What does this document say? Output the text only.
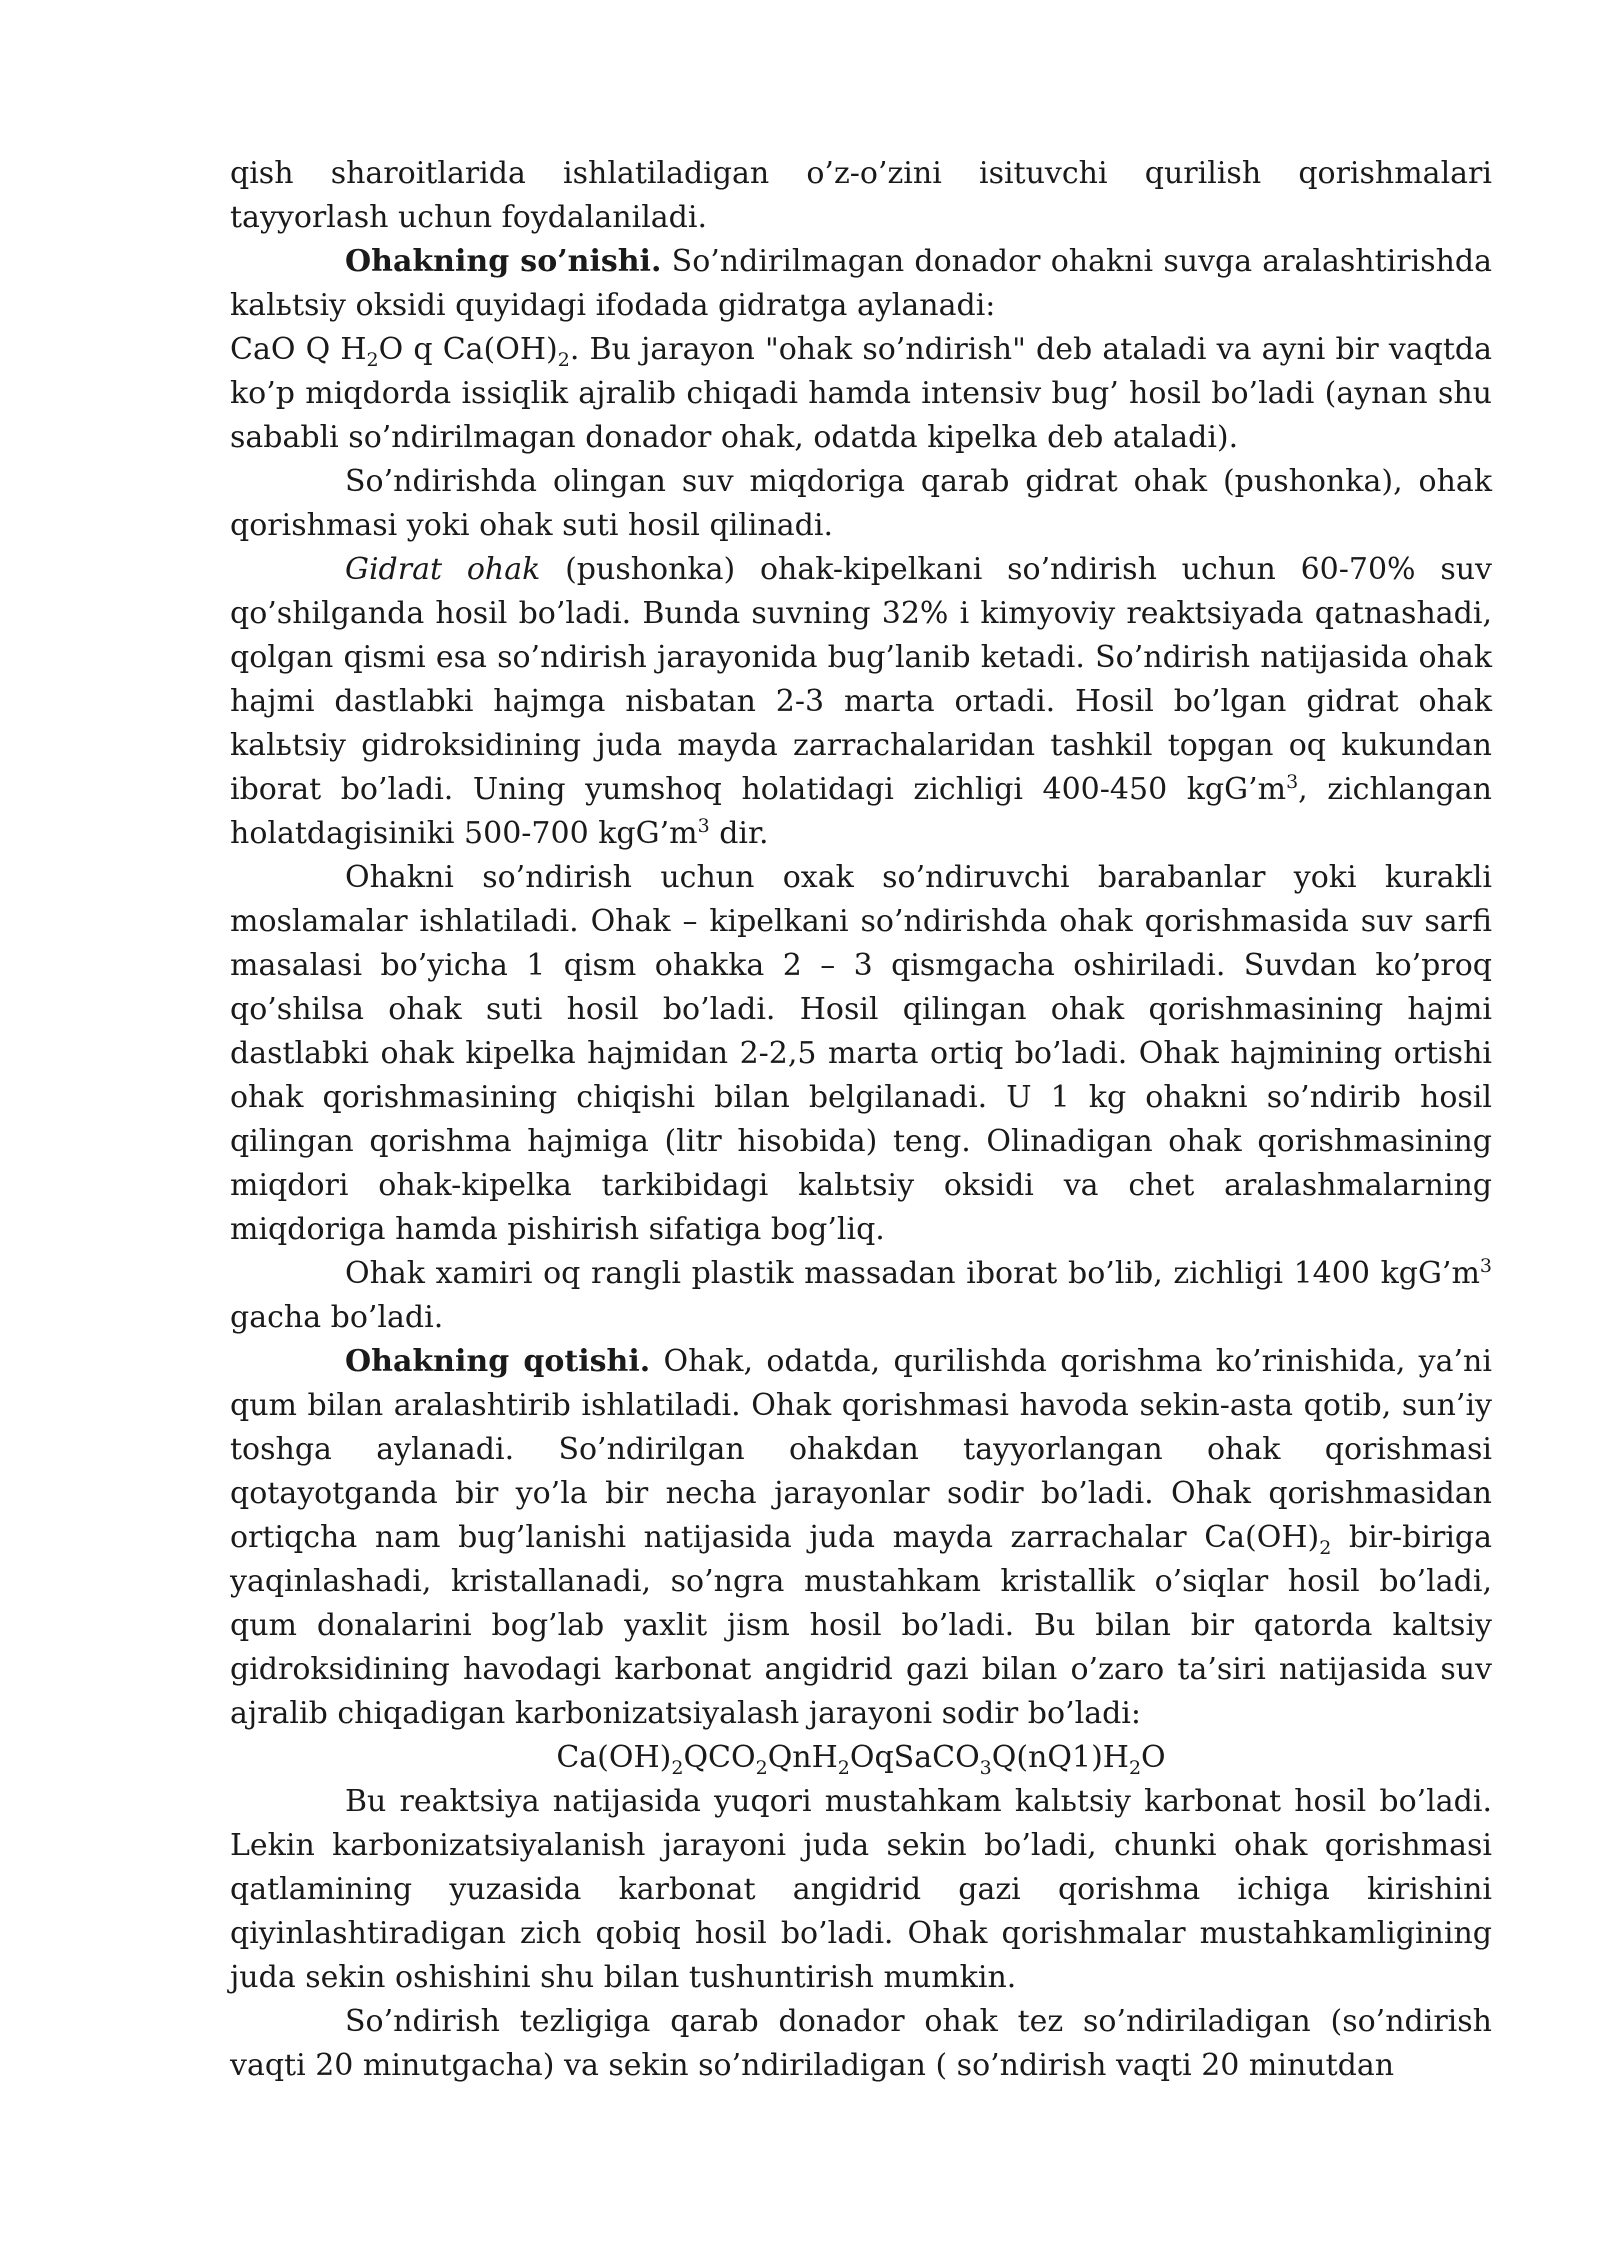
qish sharoitlarida ishlatiladigan o’z-o’zini isituvchi qurilish qorishmalari tayyorlash uchun foydalaniladi.

Ohakning so’nishi. So’ndirilmagan donador ohakni suvga aralashtirishda kalьtsiy oksidi quyidagi ifodada gidratga aylanadi:

CaO Q $H_2O$ q $Ca(OH)_2$. Bu jarayon "ohak so’ndirish" deb ataladi va ayni bir vaqtda ko’p miqdorda issiqlik ajralib chiqadi hamda intensiv bug’ hosil bo’ladi (aynan shu sababli so’ndirilmagan donador ohak, odatda kipelka deb ataladi).

So’ndirishda olingan suv miqdoriga qarab gidrat ohak (pushonka), ohak qorishmasi yoki ohak suti hosil qilinadi.

Gidrat ohak (pushonka) ohak-kipelkani so’ndirish uchun 60-70% suv qo’shilganda hosil bo’ladi. Bunda suvning 32% i kimyoviy reaktsiyada qatnashadi, qolgan qismi esa so’ndirish jarayonida bug’lanib ketadi. So’ndirish natijasida ohak hajmi dastlabki hajmga nisbatan 2-3 marta ortadi. Hosil bo’lgan gidrat ohak kalьtsiy gidroksidining juda mayda zarrachalaridan tashkil topgan oq kukundan iborat bo’ladi. Uning yumshoq holatidagi zichligi 400-450 $kgG’m^3$, zichlangan holatdagisiniki 500-700 $kgG’m^3$ dir.

Ohakni so’ndirish uchun oxak so’ndiruvchi barabanlar yoki kurakli moslamalar ishlatiladi. Ohak – kipelkani so’ndirishda ohak qorishmasida suv sarfi masalasi bo’yicha 1 qism ohakka 2 – 3 qismgacha oshiriladi. Suvdan ko’proq qo’shilsa ohak suti hosil bo’ladi. Hosil qilingan ohak qorishmasining hajmi dastlabki ohak kipelka hajmidan 2-2,5 marta ortiq bo’ladi. Ohak hajmining ortishi ohak qorishmasining chiqishi bilan belgilanadi. U 1 kg ohakni so’ndirib hosil qilingan qorishma hajmiga (litr hisobida) teng. Olinadigan ohak qorishmasining miqdori ohak-kipelka tarkibidagi kalьtsiy oksidi va chet aralashmalarning miqdoriga hamda pishirish sifatiga bog’liq.

Ohak xamiri oq rangli plastik massadan iborat bo’lib, zichligi 1400 $kgG’m^3$ gacha bo’ladi.

Ohakning qotishi. Ohak, odatda, qurilishda qorishma ko’rinishida, ya’ni qum bilan aralashtirib ishlatiladi. Ohak qorishmasi havoda sekin-asta qotib, sun’iy toshga aylanadi. So’ndirilgan ohakdan tayyorlangan ohak qorishmasi qotayotganda bir yo’la bir necha jarayonlar sodir bo’ladi. Ohak qorishmasidan ortiqcha nam bug’lanishi natijasida juda mayda zarrachalar $Ca(OH)_2$ bir-biriga yaqinlashadi, kristallanadi, so’ngra mustahkam kristallik o’siqlar hosil bo’ladi, qum donalarini bog’lab yaxlit jism hosil bo’ladi. Bu bilan bir qatorda kaltsiy gidroksidining havodagi karbonat angidrid gazi bilan o’zaro ta’siri natijasida suv ajralib chiqadigan karbonizatsiyalash jarayoni sodir bo’ladi:

$Ca(OH)_2QCO_2QnH_2OqSaCO_3Q(nQ1)H_2O$

Bu reaktsiya natijasida yuqori mustahkam kalьtsiy karbonat hosil bo’ladi. Lekin karbonizatsiyalanish jarayoni juda sekin bo’ladi, chunki ohak qorishmasi qatlamining yuzasida karbonat angidrid gazi qorishma ichiga kirishini qiyinlashtiradigan zich qobiq hosil bo’ladi. Ohak qorishmalar mustahkamligining juda sekin oshishini shu bilan tushuntirish mumkin.

So’ndirish tezligiga qarab donador ohak tez so’ndiriladigan (so’ndirish vaqti 20 minutgacha) va sekin so’ndiriladigan ( so’ndirish vaqti 20 minutdan
